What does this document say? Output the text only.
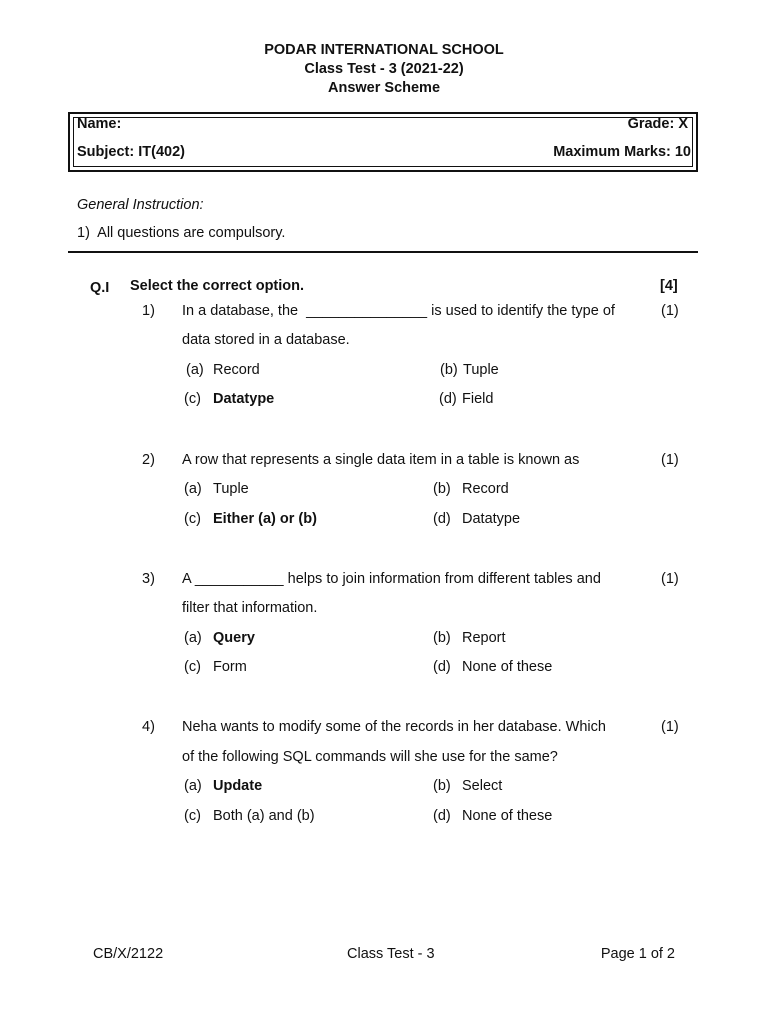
PODAR INTERNATIONAL SCHOOL
Class Test - 3 (2021-22)
Answer Scheme
Name:	Grade: X
Subject: IT(402)	Maximum Marks: 10
General Instruction:
1)  All questions are compulsory.
Q.I Select the correct option.	[4]
1) In a database, the  _______________ is used to identify the type of
data stored in a database.
(1)
(a) Record	(b) Tuple
(c) Datatype	(d) Field
2) A row that represents a single data item in a table is known as	(1)
(a) Tuple	(b) Record
(c) Either (a) or (b)	(d) Datatype
3) A ___________ helps to join information from different tables and
filter that information.
(1)
(a) Query	(b) Report
(c) Form	(d) None of these
4) Neha wants to modify some of the records in her database. Which
of the following SQL commands will she use for the same?
(1)
(a) Update	(b) Select
(c) Both (a) and (b)	(d) None of these
CB/X/2122	Class Test - 3	Page 1 of 2
